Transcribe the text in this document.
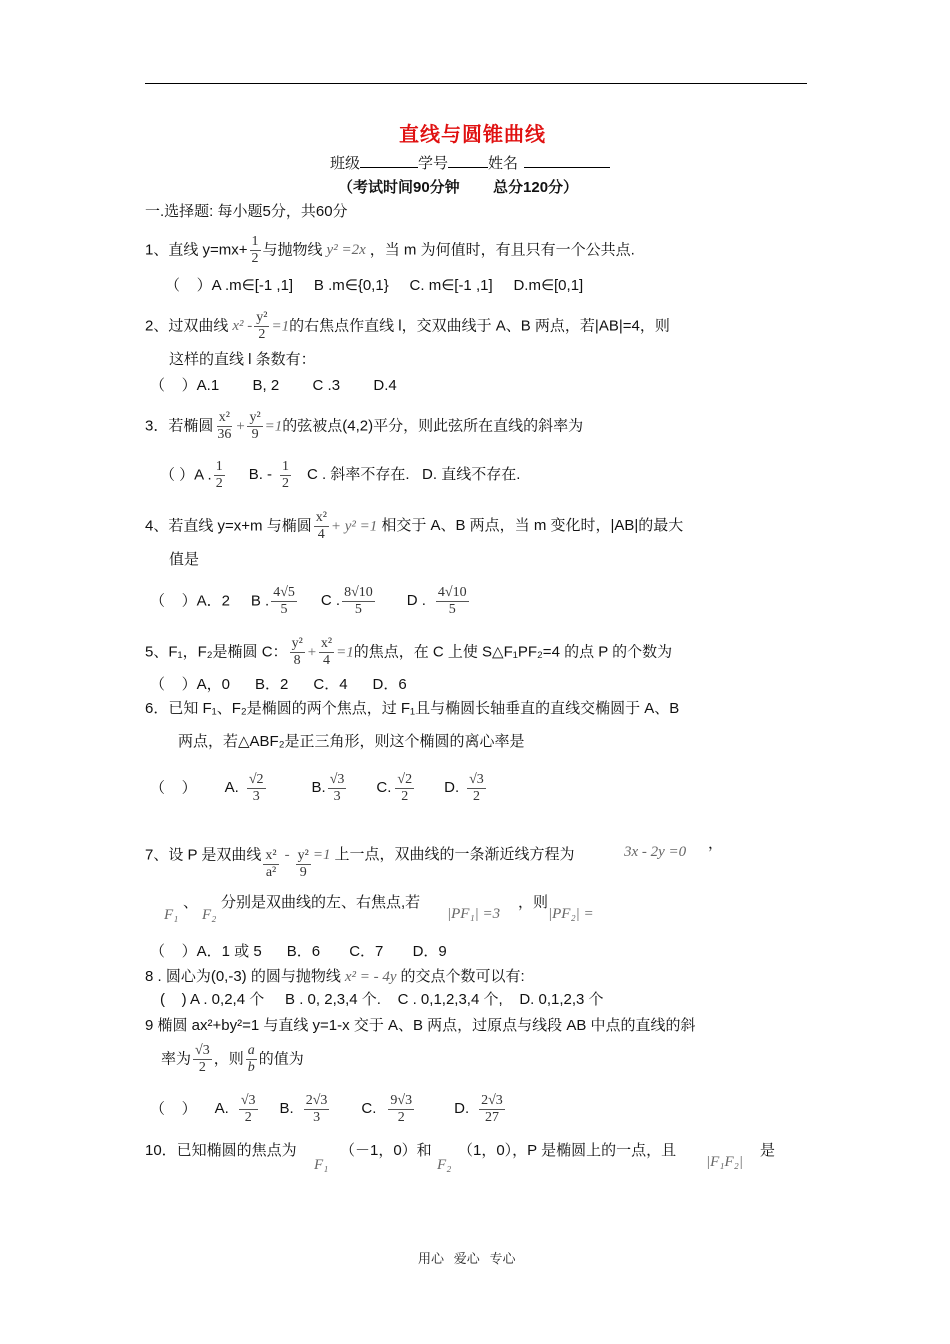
直线与圆锥曲线
班级	学号	姓名
（考试时间90分钟        总分120分）
一.选择题: 每小题5分，共60分
1、直线 $y=mx+ \frac{1}{2}$ 与抛物线 y² =2x ，当 m 为何值时，有且只有一个公共点.
（    ）A .m∈[-1 ,1]     B .m∈{0,1}     C. m∈[-1 ,1]     D.m∈[0,1]
2、过双曲线 $x^2 - \frac{\text{y²}}{2} =1$的右焦点作直线 l，交双曲线于 A、B 两点，若|AB|=4，则
这样的直线 l 条数有：
（    ）A.1        B, 2        C .3        D.4
3．若椭圆 $\frac{\text{x²}}{36} + \frac{\text{y²}}{9} =1$的弦被点(4,2)平分，则此弦所在直线的斜率为
（ ）A . $\frac{1}{2} B$. - $\frac{1}{2}$ C . 斜率不存在.   D. 直线不存在.
4、若直线 y=x+m 与椭圆 $\frac{\text{x²}}{4} + y^2 =1$ 相交于 A、B 两点，当 m 变化时，|AB|的最大
值是
（    ）A．2     B . $\frac{4√5}{5}$ C . $\frac{8√10}{5}$ D . $\frac{4√10}{5}$
5、F₁，F₂是椭圆 C： $\frac{\text{y²}}{8} + \frac{\text{x²}}{4} =1$的焦点，在 C 上使 S△F₁PF₂=4 的点 P 的个数为
（    ）A，0      B．2      C．4      D．6
6．已知 F₁、F₂是椭圆的两个焦点，过 F₁且与椭圆长轴垂直的直线交椭圆于 A、B
两点，若△ABF₂是正三角形，则这个椭圆的离心率是
（    ） A. $\frac{√2}{3}$	B. $\frac{√3}{3} C$. $\frac{√2}{2} D$. $\frac{√3}{2}$
7、设 P 是双曲线 $\frac{\text{x²}}{\text{a²}} - \frac{\text{y²}}{9} =1$ 上一点，双曲线的一条渐近线方程为	3x - 2y =0 ，
F₁
、
F₂
分别是双曲线的左、右焦点,若
|PF₁| =3
，则
|PF₂| =
（    ）A．1 或 5      B．6       C．7       D．9
8 . 圆心为(0,-3) 的圆与抛物线 x² = - 4y 的交点个数可以有:
(    ) A . 0,2,4 个     B . 0, 2,3,4 个.    C . 0,1,2,3,4 个,    D. 0,1,2,3 个
9 椭圆 ax²+by²=1 与直线 y=1-x 交于 A、B 两点，过原点与线段 AB 中点的直线的斜
率为 $\frac{√3}{2}$ ，则 $\frac{a}{b}$ 的值为
（    ） A. $\frac{√3}{2} B$. $\frac{2√3}{3} C$. $\frac{9√3}{2}$	D. $\frac{2√3}{27}$
10．已知椭圆的焦点为
F₁
（－1，0）和
F₂
（1，0），P 是椭圆上的一点，且
|F₁F₂|
是
用心   爱心   专心
